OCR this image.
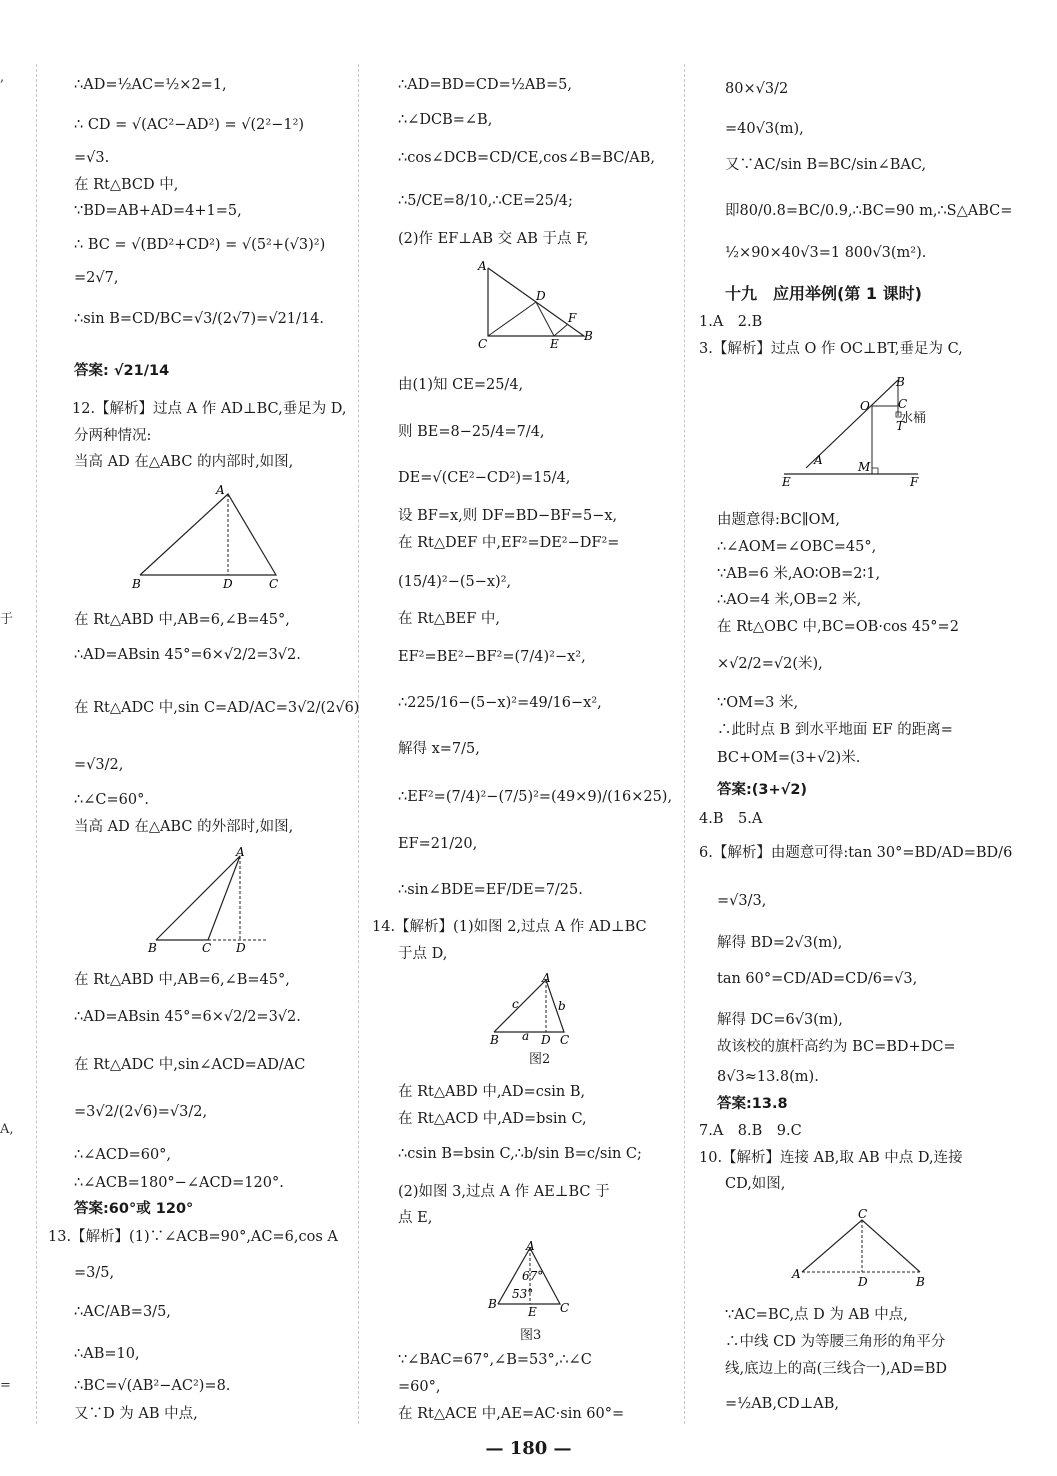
,
于
A,
=

∴AD=½AC=½×2=1,

∴ CD = √(AC²−AD²) = √(2²−1²)

=√3.

在 Rt△BCD 中,

∵BD=AB+AD=4+1=5,

∴ BC = √(BD²+CD²) = √(5²+(√3)²)

=2√7,

∴sin B=CD/BC=√3/(2√7)=√21/14.

答案: √21/14

12.【解析】过点 A 作 AD⊥BC,垂足为 D,

分两种情况:

当高 AD 在△ABC 的内部时,如图,

在 Rt△ABD 中,AB=6,∠B=45°,

∴AD=ABsin 45°=6×√2/2=3√2.

在 Rt△ADC 中,sin C=AD/AC=3√2/(2√6)

=√3/2,

∴∠C=60°.

当高 AD 在△ABC 的外部时,如图,

在 Rt△ABD 中,AB=6,∠B=45°,

∴AD=ABsin 45°=6×√2/2=3√2.

在 Rt△ADC 中,sin∠ACD=AD/AC

=3√2/(2√6)=√3/2,

∴∠ACD=60°,

∴∠ACB=180°−∠ACD=120°.

答案:60°或 120°

13.【解析】(1)∵∠ACB=90°,AC=6,cos A

=3/5,

∴AC/AB=3/5,

∴AB=10,

∴BC=√(AB²−AC²)=8.

又∵D 为 AB 中点,

A
B	D	C
A
B	C D

∴AD=BD=CD=½AB=5,

∴∠DCB=∠B,

∴cos∠DCB=CD/CE,cos∠B=BC/AB,

∴5/CE=8/10,∴CE=25/4;

(2)作 EF⊥AB 交 AB 于点 F,

由(1)知 CE=25/4,

则 BE=8−25/4=7/4,

DE=√(CE²−CD²)=15/4,

设 BF=x,则 DF=BD−BF=5−x,

在 Rt△DEF 中,EF²=DE²−DF²=

(15/4)²−(5−x)²,

在 Rt△BEF 中,

EF²=BE²−BF²=(7/4)²−x²,

∴225/16−(5−x)²=49/16−x²,

解得 x=7/5,

∴EF²=(7/4)²−(7/5)²=(49×9)/(16×25),

EF=21/20,

∴sin∠BDE=EF/DE=7/25.

14.【解析】(1)如图 2,过点 A 作 AD⊥BC

于点 D,

在 Rt△ABD 中,AD=csin B,

在 Rt△ACD 中,AD=bsin C,

∴csin B=bsin C,∴b/sin B=c/sin C;

(2)如图 3,过点 A 作 AE⊥BC 于

点 E,

∵∠BAC=67°,∠B=53°,∴∠C

=60°,

在 Rt△ACE 中,AE=AC·sin 60°=

A
D
F
C	E
B
A
c	b
B a D C
图2
A
67°
53°
B
E C
图3

80×√3/2

=40√3(m),

又∵AC/sin B=BC/sin∠BAC,

即80/0.8=BC/0.9,∴BC=90 m,∴S△ABC=

½×90×40√3=1 800√3(m²).

十九　应用举例(第 1 课时)

1.A　2.B

3.【解析】过点 O 作 OC⊥BT,垂足为 C,

由题意得:BC∥OM,

∴∠AOM=∠OBC=45°,

∵AB=6 米,AO∶OB=2∶1,

∴AO=4 米,OB=2 米,

在 Rt△OBC 中,BC=OB·cos 45°=2

×√2/2=√2(米),

∵OM=3 米,

∴此时点 B 到水平地面 EF 的距离=

BC+OM=(3+√2)米.

答案:(3+√2)

4.B　5.A

6.【解析】由题意可得:tan 30°=BD/AD=BD/6

=√3/3,

解得 BD=2√3(m),

tan 60°=CD/AD=CD/6=√3,

解得 DC=6√3(m),

故该校的旗杆高约为 BC=BD+DC=

8√3≈13.8(m).

答案:13.8

7.A　8.B　9.C

10.【解析】连接 AB,取 AB 中点 D,连接

CD,如图,

∵AC=BC,点 D 为 AB 中点,

∴中线 CD 为等腰三角形的角平分

线,底边上的高(三线合一),AD=BD

=½AB,CD⊥AB,

B
C
T
O
A	M
E	F
水桶
C
A
D	B
— 180 —
